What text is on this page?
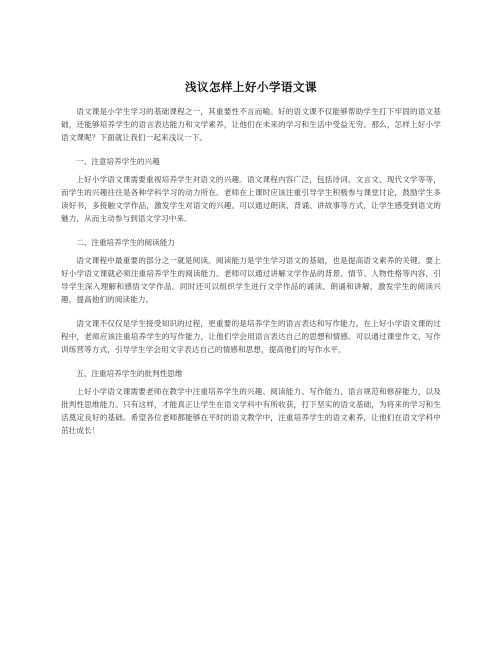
浅议怎样上好小学语文课

语文课是小学生学习的基础课程之一，其重要性不言而喻。好的语文课不仅能够帮助学生打下牢固的语文基础，还能够培养学生的语言表达能力和文学素养，让他们在未来的学习和生活中受益无穷。那么，怎样上好小学语文课呢？下面就让我们一起来浅议一下。

一、注意培养学生的兴趣

上好小学语文课需要重视培养学生对语文的兴趣。语文课程内容广泛，包括诗词、文言文、现代文学等等，而学生的兴趣往往是各种学科学习的动力所在。老师在上课时应该注重引导学生积极参与课堂讨论，鼓励学生多读好书，多接触文学作品，激发学生对语文的兴趣。可以通过朗读、背诵、讲故事等方式，让学生感受到语文的魅力，从而主动参与到语文学习中来。

二、注重培养学生的阅读能力

语文课程中最重要的部分之一就是阅读。阅读能力是学生学习语文的基础，也是提高语文素养的关键。要上好小学语文课就必须注重培养学生的阅读能力。老师可以通过讲解文学作品的背景、情节、人物性格等内容，引导学生深入理解和感悟文学作品。同时还可以组织学生进行文学作品的诵读、朗诵和讲解，激发学生的阅读兴趣，提高他们的阅读能力。

语文课不仅仅是学生接受知识的过程，更重要的是培养学生的语言表达和写作能力。在上好小学语文课的过程中，老师应该注重培养学生的写作能力，让他们学会用语言表达自己的思想和情感。可以通过课堂作文、写作训练营等方式，引导学生学会用文字表达自己的情感和思想，提高他们的写作水平。

五、注重培养学生的批判性思维

上好小学语文课需要老师在教学中注重培养学生的兴趣、阅读能力、写作能力、语言规范和修辞能力，以及批判性思维能力。只有这样，才能真正让学生在语文学科中有所收获，打下坚实的语文基础，为将来的学习和生活奠定良好的基础。希望各位老师都能够在平时的语文教学中，注重培养学生的语文素养，让他们在语文学科中茁壮成长！
